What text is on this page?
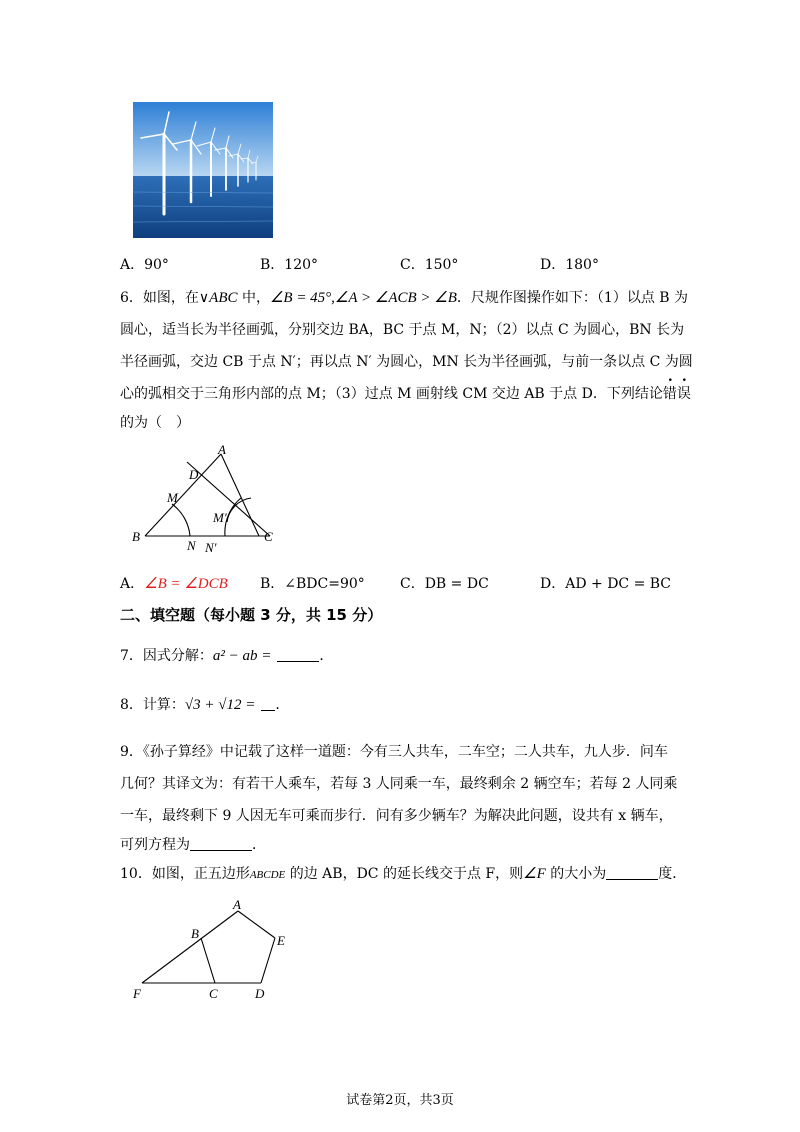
A．90°	B．120°	C．150°	D．180°
6．如图，在∨ABC 中，∠B = 45°,∠A > ∠ACB > ∠B．尺规作图操作如下：（1）以点 B 为
圆心，适当长为半径画弧，分别交边 BA，BC 于点 M，N；（2）以点 C 为圆心，BN 长为
半径画弧，交边 CB 于点 N′；再以点 N′ 为圆心，MN 长为半径画弧，与前一条以点 C 为圆
心的弧相交于三角形内部的点 M；（3）过点 M 画射线 CM 交边 AB 于点 D．下列结论错误
的为（　）
A
D
M
M′
B
N N′
C
A．∠B = ∠DCB B．∠BDC=90°	C．DB = DC	D．AD + DC = BC
二、填空题（每小题 3 分，共 15 分）
7．因式分解：a² − ab =	．
8．计算：√3 + √12 = ．
9．《孙子算经》中记载了这样一道题：今有三人共车，二车空；二人共车，九人步．问车
几何？其译文为：有若干人乘车，若每 3 人同乘一车，最终剩余 2 辆空车；若每 2 人同乘
一车，最终剩下 9 人因无车可乘而步行．问有多少辆车？为解决此问题，设共有 x 辆车，
可列方程为	．
10．如图，正五边形ABCDE 的边 AB，DC 的延长线交于点 F，则∠F 的大小为	度．
A
B	E
F	C	D
试卷第2页，共3页
